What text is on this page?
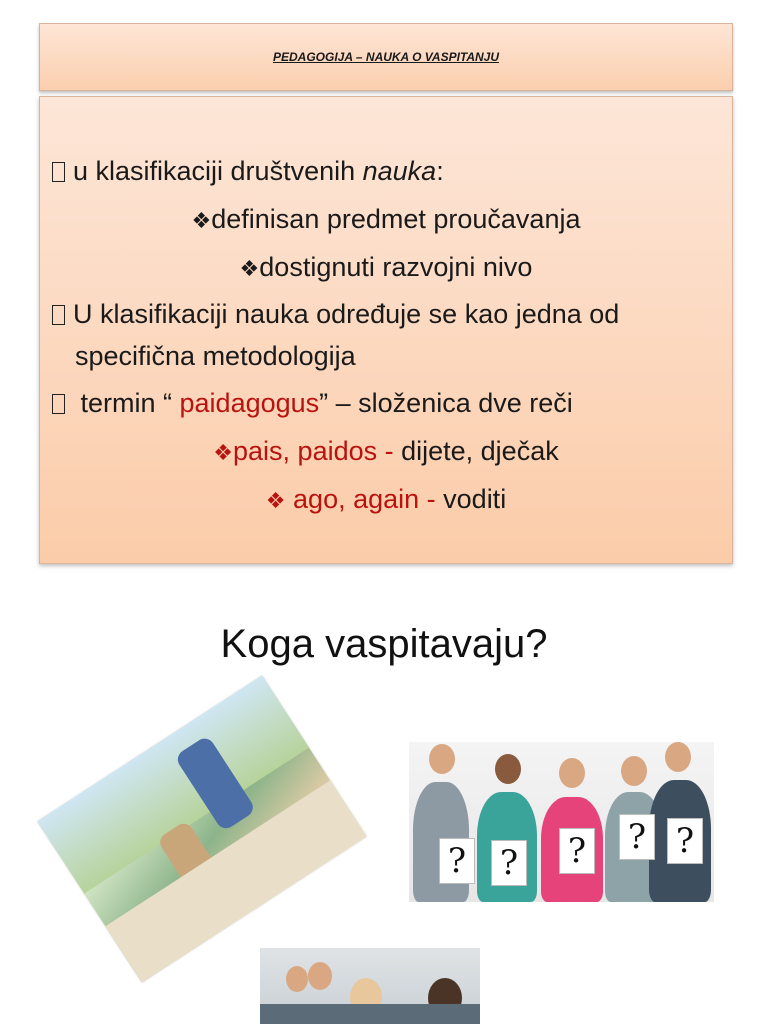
PEDAGOGIJA – NAUKA O VASPITANJU
u klasifikaciji društvenih nauka:
❖definisan predmet proučavanja
❖dostignuti razvojni nivo
U klasifikaciji nauka određuje se kao jedna od
specifična metodologija
termin “ paidagogus” – složenica dve reči
❖pais, paidos - dijete, dječak
❖ ago, again - voditi
Koga vaspitavaju?
? ? ? ? ?
